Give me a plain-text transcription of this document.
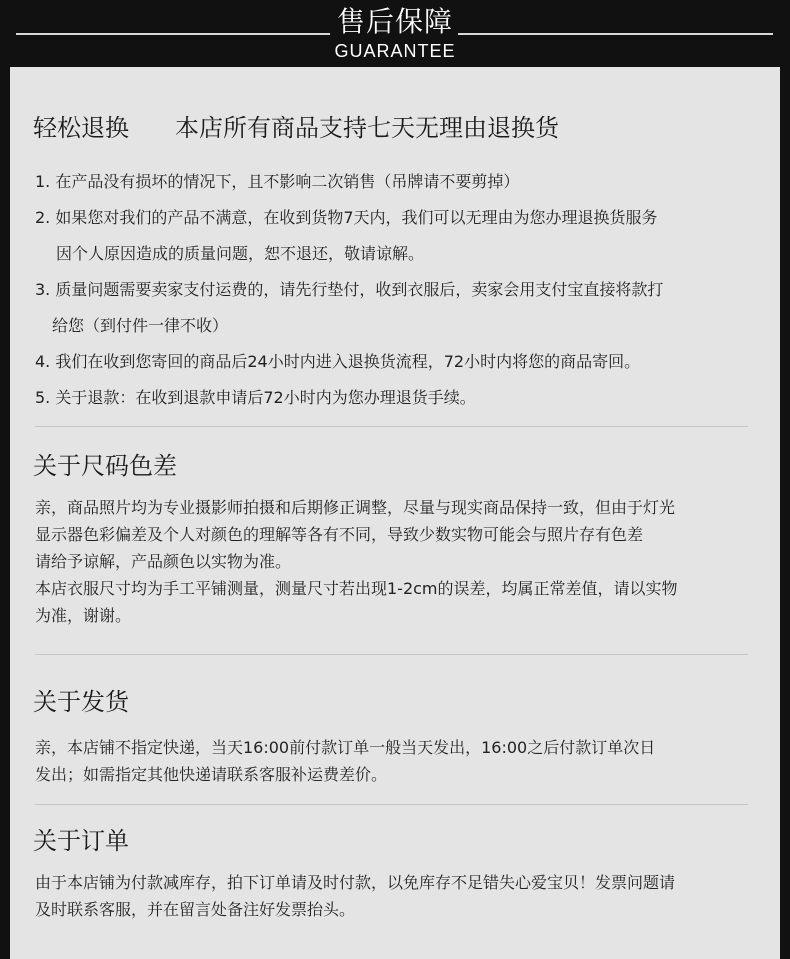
售后保障
GUARANTEE
轻松退换 本店所有商品支持七天无理由退换货
1. 在产品没有损坏的情况下，且不影响二次销售（吊牌请不要剪掉）
2. 如果您对我们的产品不满意，在收到货物7天内，我们可以无理由为您办理退换货服务
因个人原因造成的质量问题，恕不退还，敬请谅解。
3. 质量问题需要卖家支付运费的，请先行垫付，收到衣服后，卖家会用支付宝直接将款打
给您（到付件一律不收）
4. 我们在收到您寄回的商品后24小时内进入退换货流程，72小时内将您的商品寄回。
5. 关于退款：在收到退款申请后72小时内为您办理退货手续。
关于尺码色差
亲，商品照片均为专业摄影师拍摄和后期修正调整，尽量与现实商品保持一致，但由于灯光
显示器色彩偏差及个人对颜色的理解等各有不同，导致少数实物可能会与照片存有色差
请给予谅解，产品颜色以实物为准。
本店衣服尺寸均为手工平铺测量，测量尺寸若出现1-2cm的误差，均属正常差值，请以实物
为准，谢谢。
关于发货
亲，本店铺不指定快递，当天16:00前付款订单一般当天发出，16:00之后付款订单次日
发出；如需指定其他快递请联系客服补运费差价。
关于订单
由于本店铺为付款减库存，拍下订单请及时付款，以免库存不足错失心爱宝贝！发票问题请
及时联系客服，并在留言处备注好发票抬头。
